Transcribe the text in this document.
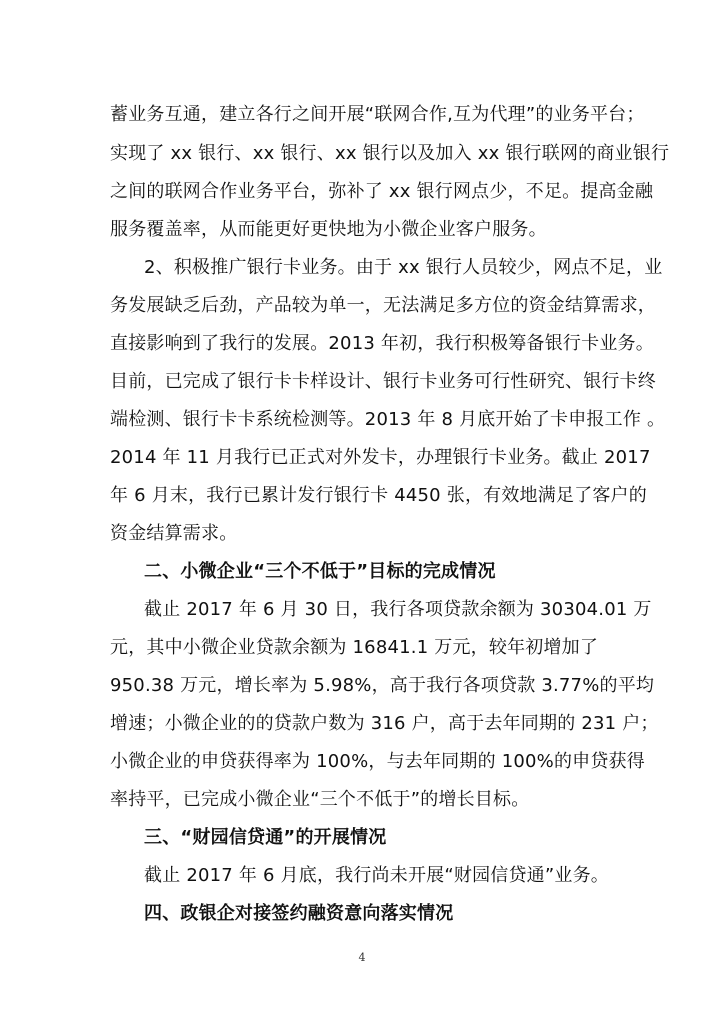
蓄业务互通，建立各行之间开展“联网合作,互为代理”的业务平台；
实现了 xx 银行、xx 银行、xx 银行以及加入 xx 银行联网的商业银行
之间的联网合作业务平台，弥补了 xx 银行网点少，不足。提高金融
服务覆盖率，从而能更好更快地为小微企业客户服务。
2、积极推广银行卡业务。由于 xx 银行人员较少，网点不足，业
务发展缺乏后劲，产品较为单一，无法满足多方位的资金结算需求，
直接影响到了我行的发展。2013 年初，我行积极筹备银行卡业务。
目前，已完成了银行卡卡样设计、银行卡业务可行性研究、银行卡终
端检测、银行卡卡系统检测等。2013 年 8 月底开始了卡申报工作 。
2014 年 11 月我行已正式对外发卡，办理银行卡业务。截止 2017
年 6 月末，我行已累计发行银行卡 4450 张，有效地满足了客户的
资金结算需求。
二、小微企业“三个不低于”目标的完成情况
截止 2017 年 6 月 30 日，我行各项贷款余额为 30304.01 万
元，其中小微企业贷款余额为 16841.1 万元，较年初增加了
950.38 万元，增长率为 5.98%，高于我行各项贷款 3.77%的平均
增速；小微企业的的贷款户数为 316 户，高于去年同期的 231 户；
小微企业的申贷获得率为 100%，与去年同期的 100%的申贷获得
率持平，已完成小微企业“三个不低于”的增长目标。
三、“财园信贷通”的开展情况
截止 2017 年 6 月底，我行尚未开展“财园信贷通”业务。
四、政银企对接签约融资意向落实情况
4
